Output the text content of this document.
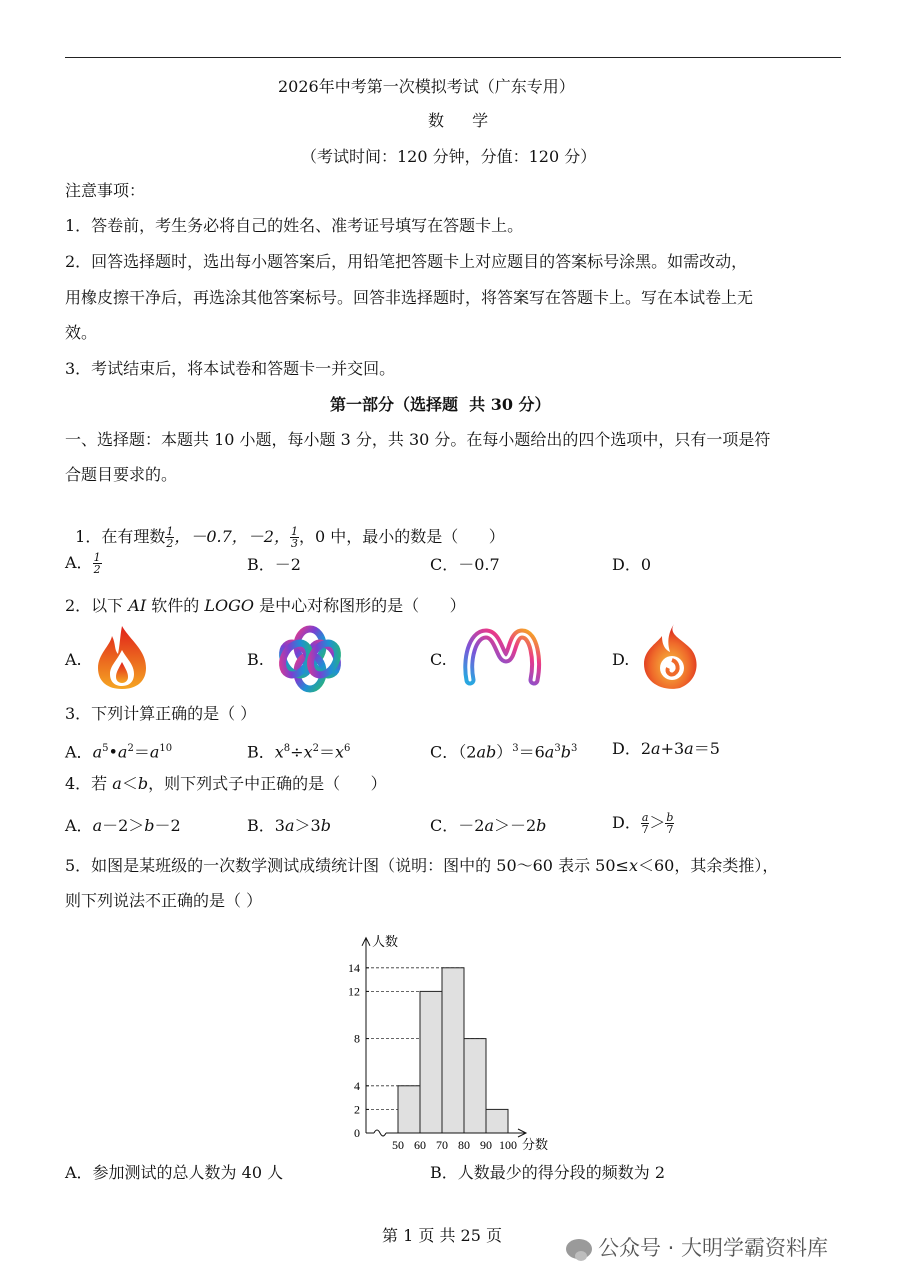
2026年中考第一次模拟考试（广东专用）
数  学
（考试时间：120 分钟，分值：120 分）
注意事项：
1．答卷前，考生务必将自己的姓名、准考证号填写在答题卡上。
2．回答选择题时，选出每小题答案后，用铅笔把答题卡上对应题目的答案标号涂黑。如需改动，
用橡皮擦干净后，再选涂其他答案标号。回答非选择题时，将答案写在答题卡上。写在本试卷上无
效。
3．考试结束后，将本试卷和答题卡一并交回。
第一部分（选择题  共 30 分）
一、选择题：本题共 10 小题，每小题 3 分，共 30 分。在每小题给出的四个选项中，只有一项是符
合题目要求的。

1．在有理数 $\frac{1}{2}$ ，－0.7，－2， $\frac{1}{3}$ ，0 中，最小的数是（      ）

A． $\frac{1}{2}$	B．－2	C．－0.7	D．0
2．以下 AI 软件的 LOGO 是中心对称图形的是（      ）
A.	B.	C.	D.
3．下列计算正确的是（ ）
A．$a^5•a^2=a^{10}$	B．$x^8\div x^2=x^6$	C．$(2ab)^3=6a^3b^3$ D．2a+3a＝5
4．若 a＜b，则下列式子中正确的是（      ）
A．a－2＞b－2	B．3a＞3b	C．－2a＞－2b	D． $\frac{a}{7} > \frac{b}{7}$
5．如图是某班级的一次数学测试成绩统计图（说明：图中的 50～60 表示 50≤x＜60，其余类推），
则下列说法不正确的是（ ）
0
2
4
8
12
14
50 60 70 80 90 100
人数
分数
A．参加测试的总人数为 40 人	B．人数最少的得分段的频数为 2
第 1 页 共 25 页
公众号 · 大明学霸资料库
